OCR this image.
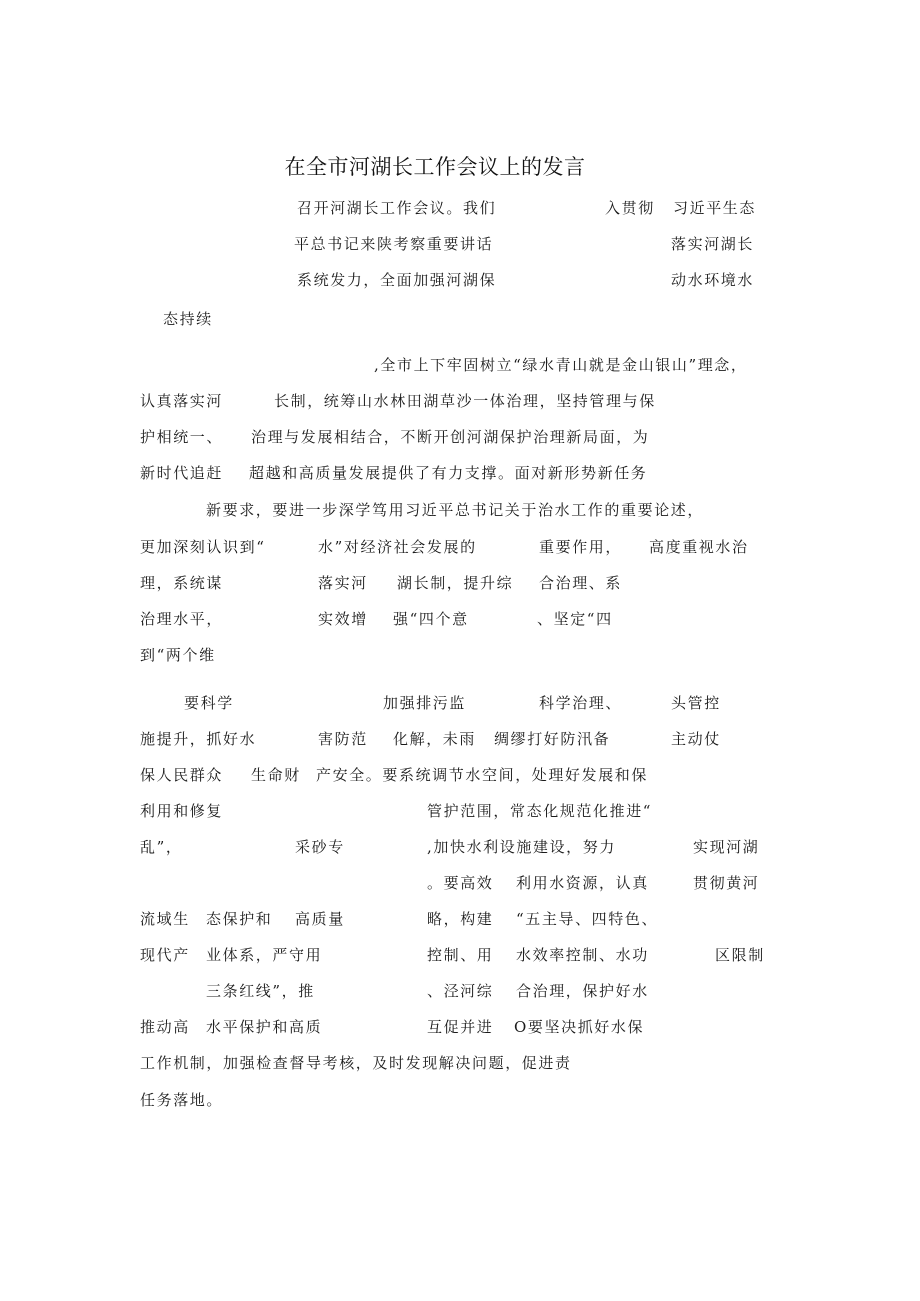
在全市河湖长工作会议上的发言
召开河湖长工作会议。我们	入贯彻 习近平生态
平总书记来陕考察重要讲话	落实河湖长
系统发力，全面加强河湖保	动水环境水
态持续
,全市上下牢固树立“绿水青山就是金山银山”理念，
认真落实河	长制，统筹山水林田湖草沙一体治理，坚持管理与保
护相统一、 治理与发展相结合，不断开创河湖保护治理新局面，为
新时代追赶 超越和高质量发展提供了有力支撑。面对新形势新任务
新要求，要进一步深学笃用习近平总书记关于治水工作的重要论述，
更加深刻认识到“	水”对经济社会发展的	重要作用， 高度重视水治
理，系统谋	落实河 湖长制，提升综 合治理、系
治理水平，	实效增 强“四个意	、坚定“四
到“两个维
要科学	加强排污监	科学治理、	头管控
施提升，抓好水	害防范 化解，未雨 绸缪打好防汛备	主动仗
保人民群众 生命财 产安全。要系统调节水空间，处理好发展和保
利用和修复	管护范围，常态化规范化推进“
乱”，	采砂专	,加快水利设施建设，努力	实现河湖
。要高效 利用水资源，认真	贯彻黄河
流域生 态保护和 高质量	略，构建 “五主导、四特色、
现代产 业体系，严守用	控制、用 水效率控制、水功	区限制
三条红线”，推	、泾河综 合治理，保护好水
推动高 水平保护和高质	互促并进 O要坚决抓好水保
工作机制，加强检查督导考核，及时发现解决问题，促进责
任务落地。
